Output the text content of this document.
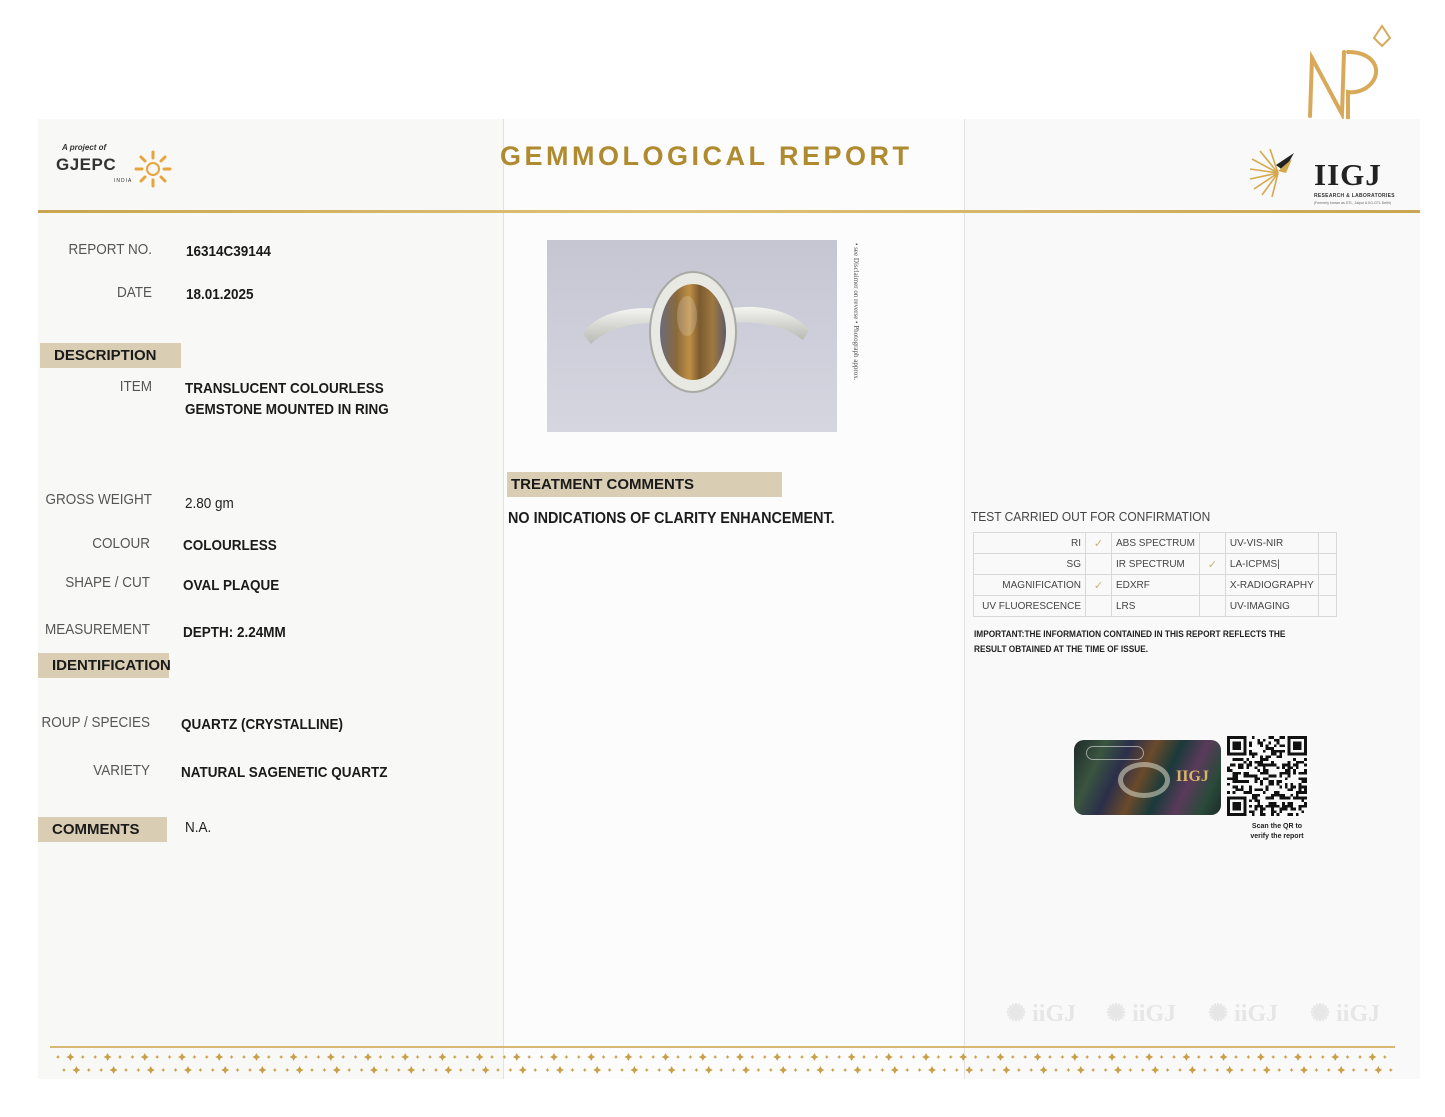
A project of
GJEPC
INDIA
GEMMOLOGICAL REPORT
IIGJ
RESEARCH & LABORATORIES
(Formerly known as GTL, Jaipur & IIG-GTL Delhi)
REPORT NO. 16314C39144
DATE 18.01.2025
DESCRIPTION
ITEM TRANSLUCENT COLOURLESS
GEMSTONE MOUNTED IN RING
GROSS WEIGHT 2.80 gm
COLOUR COLOURLESS
SHAPE / CUT OVAL PLAQUE
MEASUREMENT DEPTH: 2.24MM
IDENTIFICATION
ROUP / SPECIES QUARTZ (CRYSTALLINE)
VARIETY NATURAL SAGENETIC QUARTZ
COMMENTS	N.A.
• see Disclaimer on reverse • Photograph approx.
TREATMENT COMMENTS
NO INDICATIONS OF CLARITY ENHANCEMENT.	TEST CARRIED OUT FOR CONFIRMATION
RI	✓	ABS SPECTRUM		UV-VIS-NIR	
SG		IR SPECTRUM	✓	LA-ICPMS|	
MAGNIFICATION	✓	EDXRF		X-RADIOGRAPHY	
UV FLUORESCENCE		LRS		UV-IMAGING	
IMPORTANT:THE INFORMATION CONTAINED IN THIS REPORT REFLECTS THE RESULT OBTAINED AT THE TIME OF ISSUE.
IIGJ
Scan the QR to
verify the report
✺ iiGJ ✺ iiGJ ✺ iiGJ ✺ iiGJ
